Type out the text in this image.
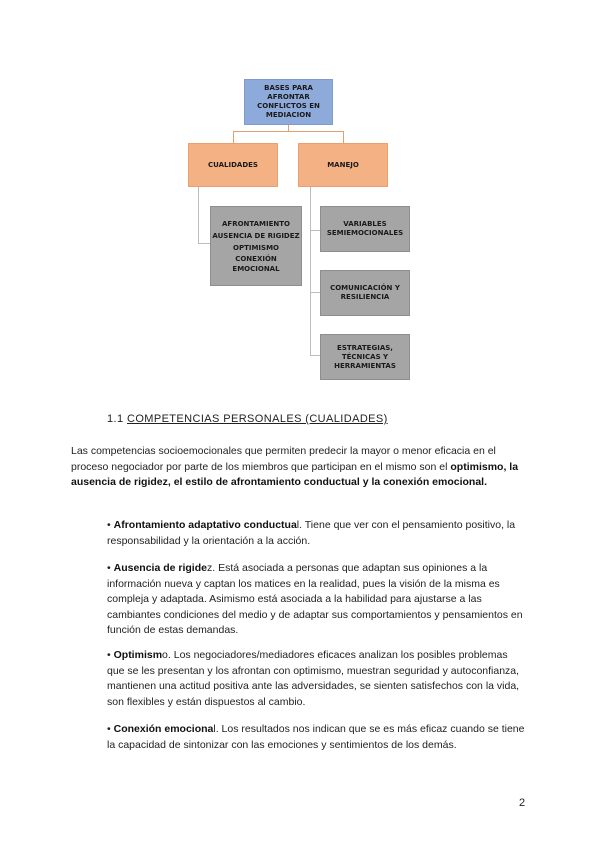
BASES PARA
AFRONTAR
CONFLICTOS EN
MEDIACION
CUALIDADES	MANEJO
AFRONTAMIENTO
AUSENCIA DE RIGIDEZ
OPTIMISMO
CONEXIÓN
EMOCIONAL
VARIABLES
SEMIEMOCIONALES
COMUNICACIÓN Y
RESILIENCIA
ESTRATEGIAS,
TÉCNICAS Y
HERRAMIENTAS
1.1 COMPETENCIAS PERSONALES (CUALIDADES)
Las competencias socioemocionales que permiten predecir la mayor o menor eficacia en el proceso negociador por parte de los miembros que participan en el mismo son el optimismo, la ausencia de rigidez, el estilo de afrontamiento conductual y la conexión emocional.
• Afrontamiento adaptativo conductual. Tiene que ver con el pensamiento positivo, la responsabilidad y la orientación a la acción.
• Ausencia de rigidez. Está asociada a personas que adaptan sus opiniones a la información nueva y captan los matices en la realidad, pues la visión de la misma es compleja y adaptada. Asimismo está asociada a la habilidad para ajustarse a las cambiantes condiciones del medio y de adaptar sus comportamientos y pensamientos en función de estas demandas.
• Optimismo. Los negociadores/mediadores eficaces analizan los posibles problemas que se les presentan y los afrontan con optimismo, muestran seguridad y autoconfianza, mantienen una actitud positiva ante las adversidades, se sienten satisfechos con la vida, son flexibles y están dispuestos al cambio.
• Conexión emocional. Los resultados nos indican que se es más eficaz cuando se tiene la capacidad de sintonizar con las emociones y sentimientos de los demás.
2
